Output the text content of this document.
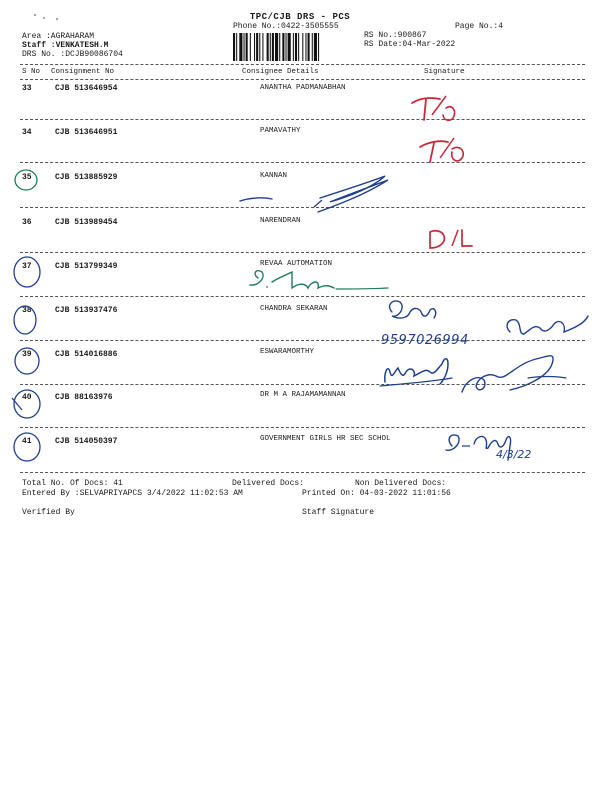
TPC/CJB DRS - PCS
Phone No.:0422-3505555	Page No.:4
Area :AGRAHARAM
Staff :VENKATESH.M
DRS No. :DCJB90086704
RS No.:900867
RS Date:04-Mar-2022
S No Consignment No	Consignee Details	Signature
33	CJB 513646954	ANANTHA PADMANABHAN
34	CJB 513646951	PAMAVATHY
35	CJB 513885929	KANNAN
36	CJB 513989454	NARENDRAN
37	CJB 513799349	REVAA AUTOMATION
38	CJB 513937476	CHANDRA SEKARAN
39	CJB 514016886	ESWARAMORTHY
40	CJB 88163976	DR M A RAJAMAMANNAN
41	CJB 514050397	GOVERNMENT GIRLS HR SEC SCHOL
Total No. Of Docs: 41	Delivered Docs:	Non Delivered Docs:
Entered By :SELVAPRIYAPCS 3/4/2022 11:02:53 AM	Printed On: 04-03-2022 11:01:56
Verified By	Staff Signature
9597026994
4/3/22
